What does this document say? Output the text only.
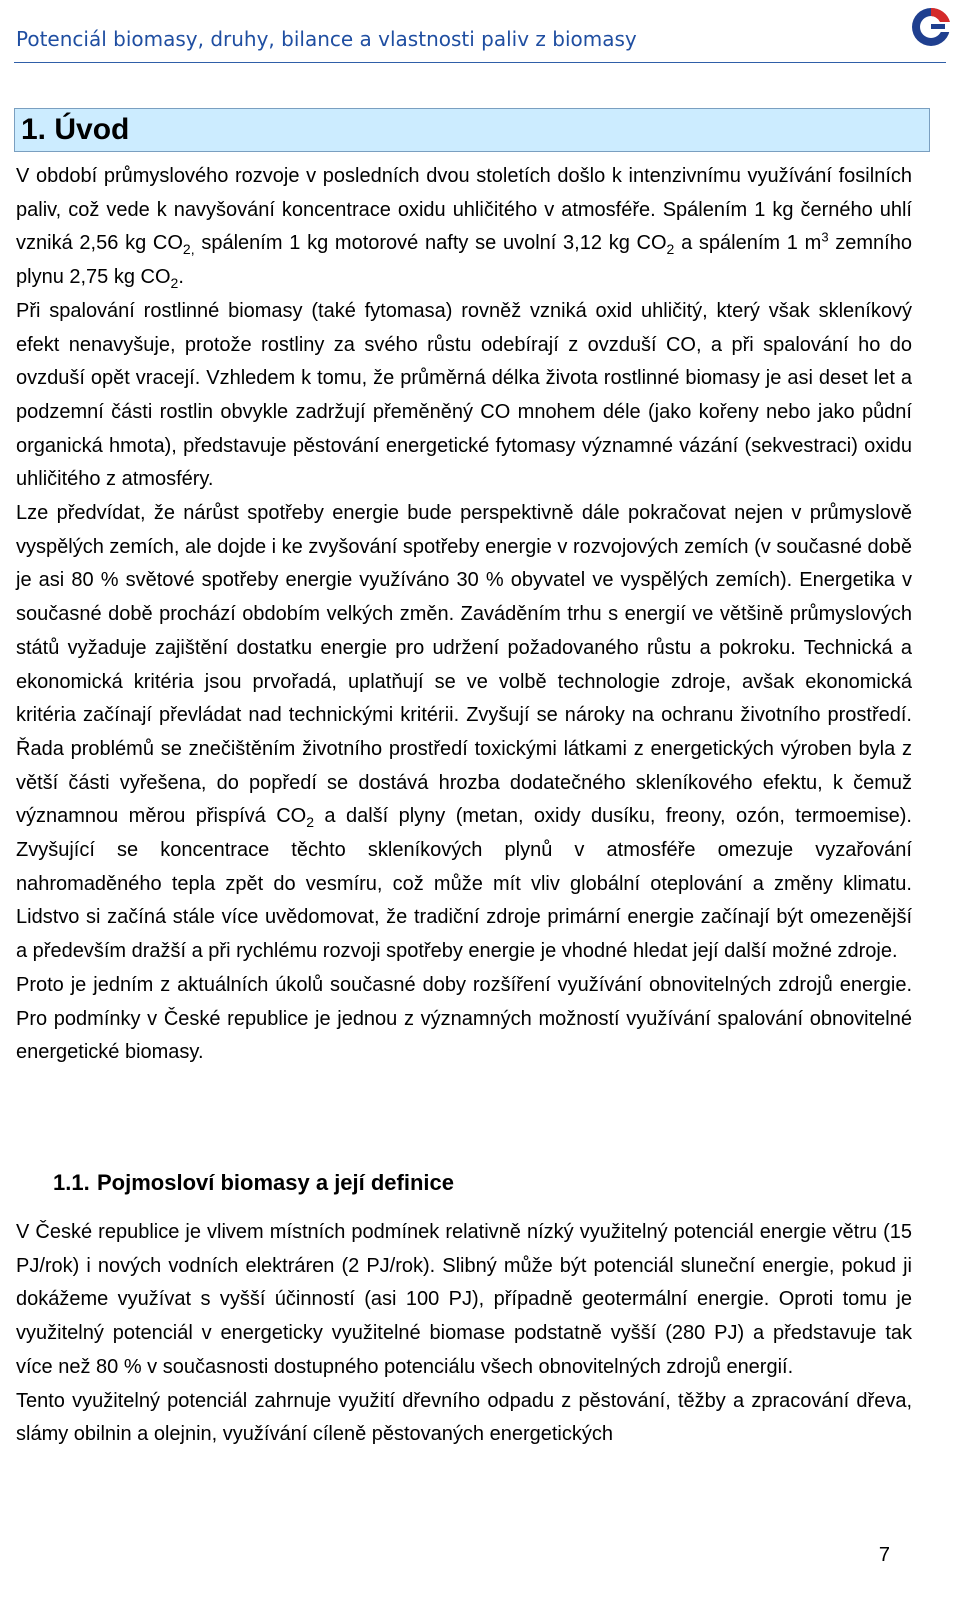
Potenciál biomasy, druhy, bilance a vlastnosti paliv z biomasy
1. Úvod

V období průmyslového rozvoje v posledních dvou stoletích došlo k intenzivnímu využívání fosilních paliv, což vede k navyšování koncentrace oxidu uhličitého v atmosféře. Spálením 1 kg černého uhlí vzniká 2,56 kg $CO_{2,}$ spálením 1 kg motorové nafty se uvolní 3,12 kg $CO_2$ a spálením 1 $m^3$ zemního plynu 2,75 kg $CO_2$.

Při spalování rostlinné biomasy (také fytomasa) rovněž vzniká oxid uhličitý, který však skleníkový efekt nenavyšuje, protože rostliny za svého růstu odebírají z ovzduší CO, a při spalování ho do ovzduší opět vracejí. Vzhledem k tomu, že průměrná délka života rostlinné biomasy je asi deset let a podzemní části rostlin obvykle zadržují přeměněný CO mnohem déle (jako kořeny nebo jako půdní organická hmota), představuje pěstování energetické fytomasy významné vázání (sekvestraci) oxidu uhličitého z atmosféry.

Lze předvídat, že nárůst spotřeby energie bude perspektivně dále pokračovat nejen v průmyslově vyspělých zemích, ale dojde i ke zvyšování spotřeby energie v rozvojových zemích (v současné době je asi 80 % světové spotřeby energie využíváno 30 % obyvatel ve vyspělých zemích). Energetika v současné době prochází obdobím velkých změn. Zaváděním trhu s energií ve většině průmyslových států vyžaduje zajištění dostatku energie pro udržení požadovaného růstu a pokroku. Technická a ekonomická kritéria jsou prvořadá, uplatňují se ve volbě technologie zdroje, avšak ekonomická kritéria začínají převládat nad technickými kritérii. Zvyšují se nároky na ochranu životního prostředí. Řada problémů se znečištěním životního prostředí toxickými látkami z energetických výroben byla z větší části vyřešena, do popředí se dostává hrozba dodatečného skleníkového efektu, k čemuž významnou měrou přispívá $CO_2$ a další plyny (metan, oxidy dusíku, freony, ozón, termoemise). Zvyšující se koncentrace těchto skleníkových plynů v atmosféře omezuje vyzařování nahromaděného tepla zpět do vesmíru, což může mít vliv globální oteplování a změny klimatu. Lidstvo si začíná stále více uvědomovat, že tradiční zdroje primární energie začínají být omezenější a především dražší a při rychlému rozvoji spotřeby energie je vhodné hledat její další možné zdroje.

Proto je jedním z aktuálních úkolů současné doby rozšíření využívání obnovitelných zdrojů energie. Pro podmínky v České republice je jednou z významných možností využívání spalování obnovitelné energetické biomasy.

1.1. Pojmosloví biomasy a její definice

V České republice je vlivem místních podmínek relativně nízký využitelný potenciál energie větru (15 PJ/rok) i nových vodních elektráren (2 PJ/rok). Slibný může být potenciál sluneční energie, pokud ji dokážeme využívat s vyšší účinností (asi 100 PJ), případně geotermální energie. Oproti tomu je využitelný potenciál v energeticky využitelné biomase podstatně vyšší (280 PJ) a představuje tak více než 80 % v současnosti dostupného potenciálu všech obnovitelných zdrojů energií.

Tento využitelný potenciál zahrnuje využití dřevního odpadu z pěstování, těžby a zpracování dřeva, slámy obilnin a olejnin, využívání cíleně pěstovaných energetických

7
